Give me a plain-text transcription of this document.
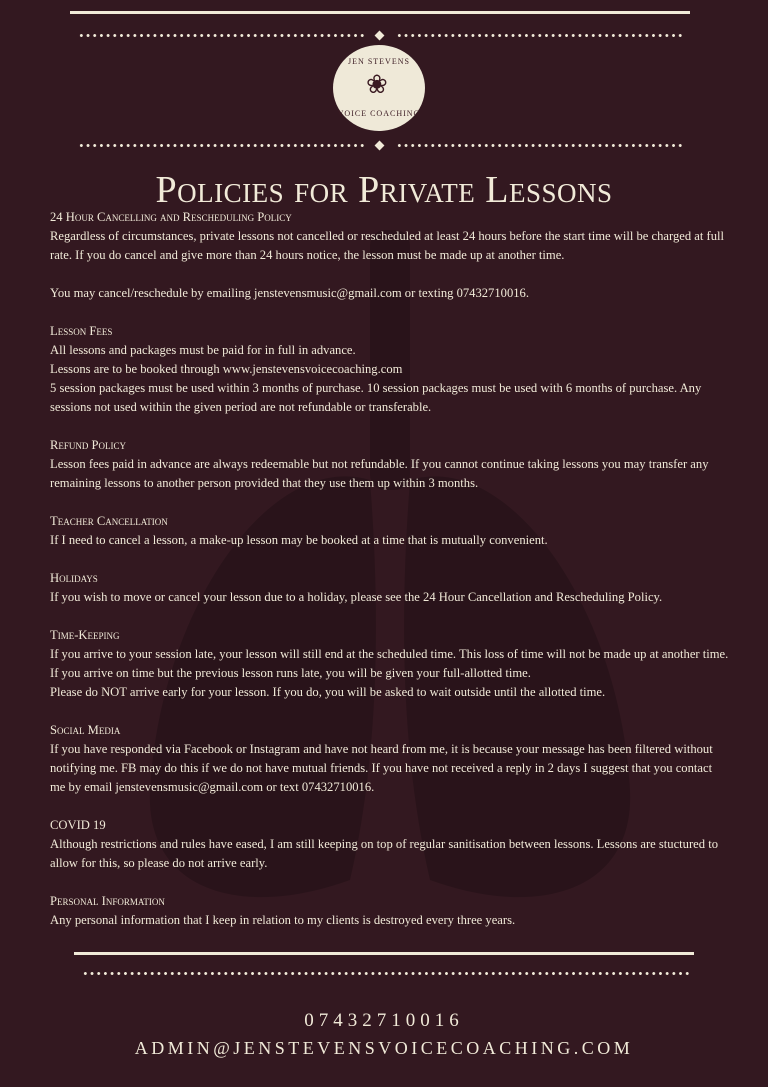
JEN STEVENS
❀
VOICE COACHING
Policies for Private Lessons
24 Hour Cancelling and Rescheduling Policy

Regardless of circumstances, private lessons not cancelled or rescheduled at least 24 hours before the start time will be charged at full rate. If you do cancel and give more than 24 hours notice, the lesson must be made up at another time.

You may cancel/reschedule by emailing jenstevensmusic@gmail.com or texting 07432710016.
Lesson Fees

All lessons and packages must be paid for in full in advance.

Lessons are to be booked through www.jenstevensvoicecoaching.com

5 session packages must be used within 3 months of purchase. 10 session packages must be used with 6 months of purchase. Any sessions not used within the given period are not refundable or transferable.

Refund Policy

Lesson fees paid in advance are always redeemable but not refundable. If you cannot continue taking lessons you may transfer any remaining lessons to another person provided that they use them up within 3 months.

Teacher Cancellation

If I need to cancel a lesson, a make-up lesson may be booked at a time that is mutually convenient.

Holidays

If you wish to move or cancel your lesson due to a holiday, please see the 24 Hour Cancellation and Rescheduling Policy.

Time-Keeping

If you arrive to your session late, your lesson will still end at the scheduled time. This loss of time will not be made up at another time. If you arrive on time but the previous lesson runs late, you will be given your full-allotted time.

Please do NOT arrive early for your lesson. If you do, you will be asked to wait outside until the allotted time.

Social Media

If you have responded via Facebook or Instagram and have not heard from me, it is because your message has been filtered without notifying me. FB may do this if we do not have mutual friends. If you have not received a reply in 2 days I suggest that you contact me by email jenstevensmusic@gmail.com or text 07432710016.

COVID 19

Although restrictions and rules have eased, I am still keeping on top of regular sanitisation between lessons. Lessons are stuctured to allow for this, so please do not arrive early.

Personal Information

Any personal information that I keep in relation to my clients is destroyed every three years.

07432710016
ADMIN@JENSTEVENSVOICECOACHING.COM
